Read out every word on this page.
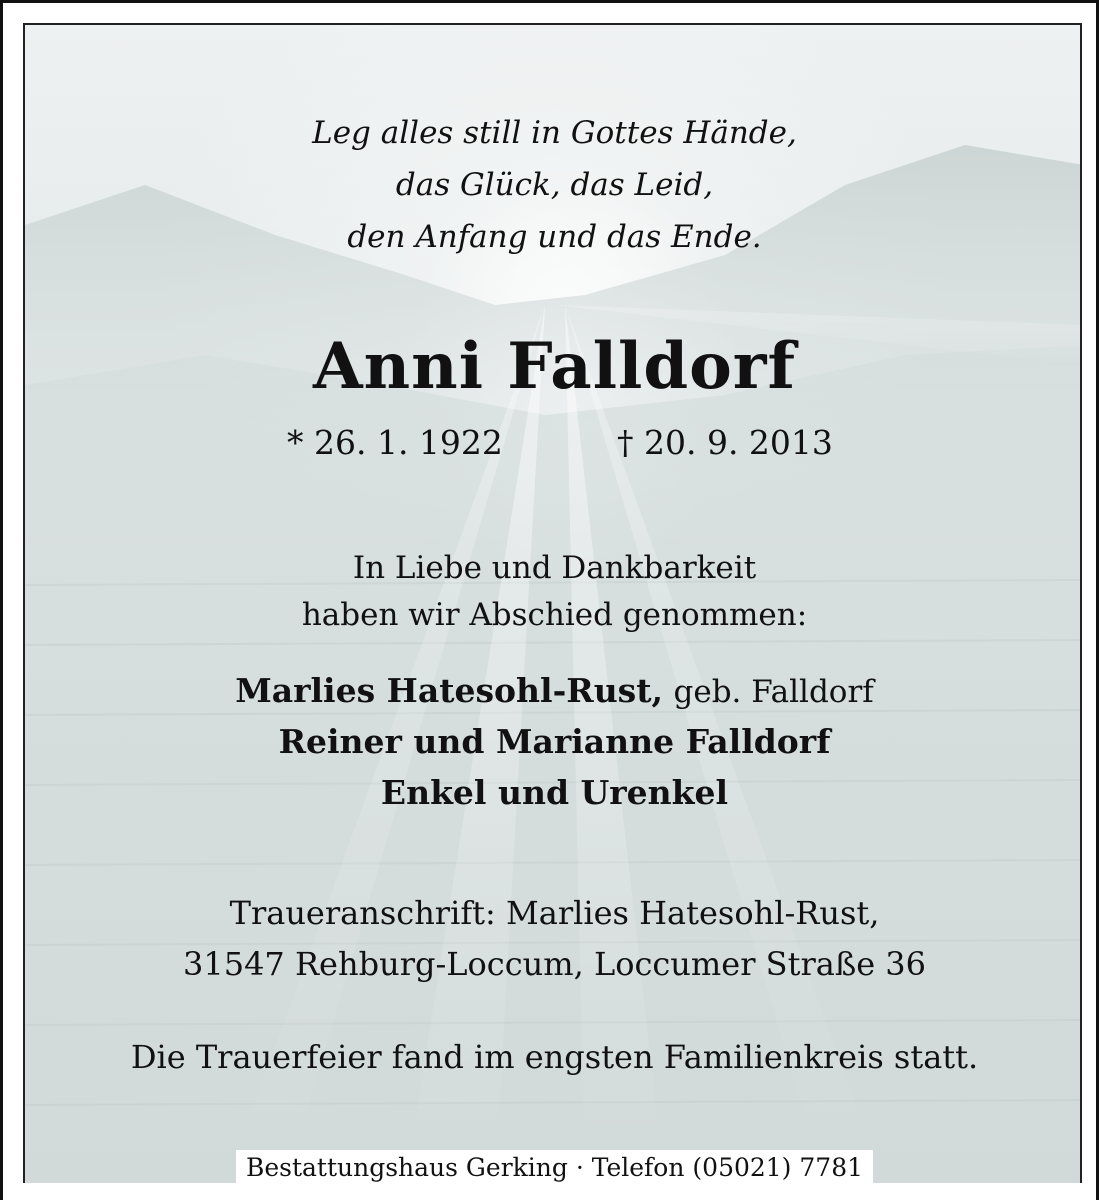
Leg alles still in Gottes Hände,
das Glück, das Leid,
den Anfang und das Ende.
Anni Falldorf
* 26. 1. 1922	† 20. 9. 2013
In Liebe und Dankbarkeit
haben wir Abschied genommen:
Marlies Hatesohl-Rust, geb. Falldorf
Reiner und Marianne Falldorf
Enkel und Urenkel
Traueranschrift: Marlies Hatesohl-Rust,
31547 Rehburg-Loccum, Loccumer Straße 36
Die Trauerfeier fand im engsten Familienkreis statt.
Bestattungshaus Gerking · Telefon (05021) 7781
